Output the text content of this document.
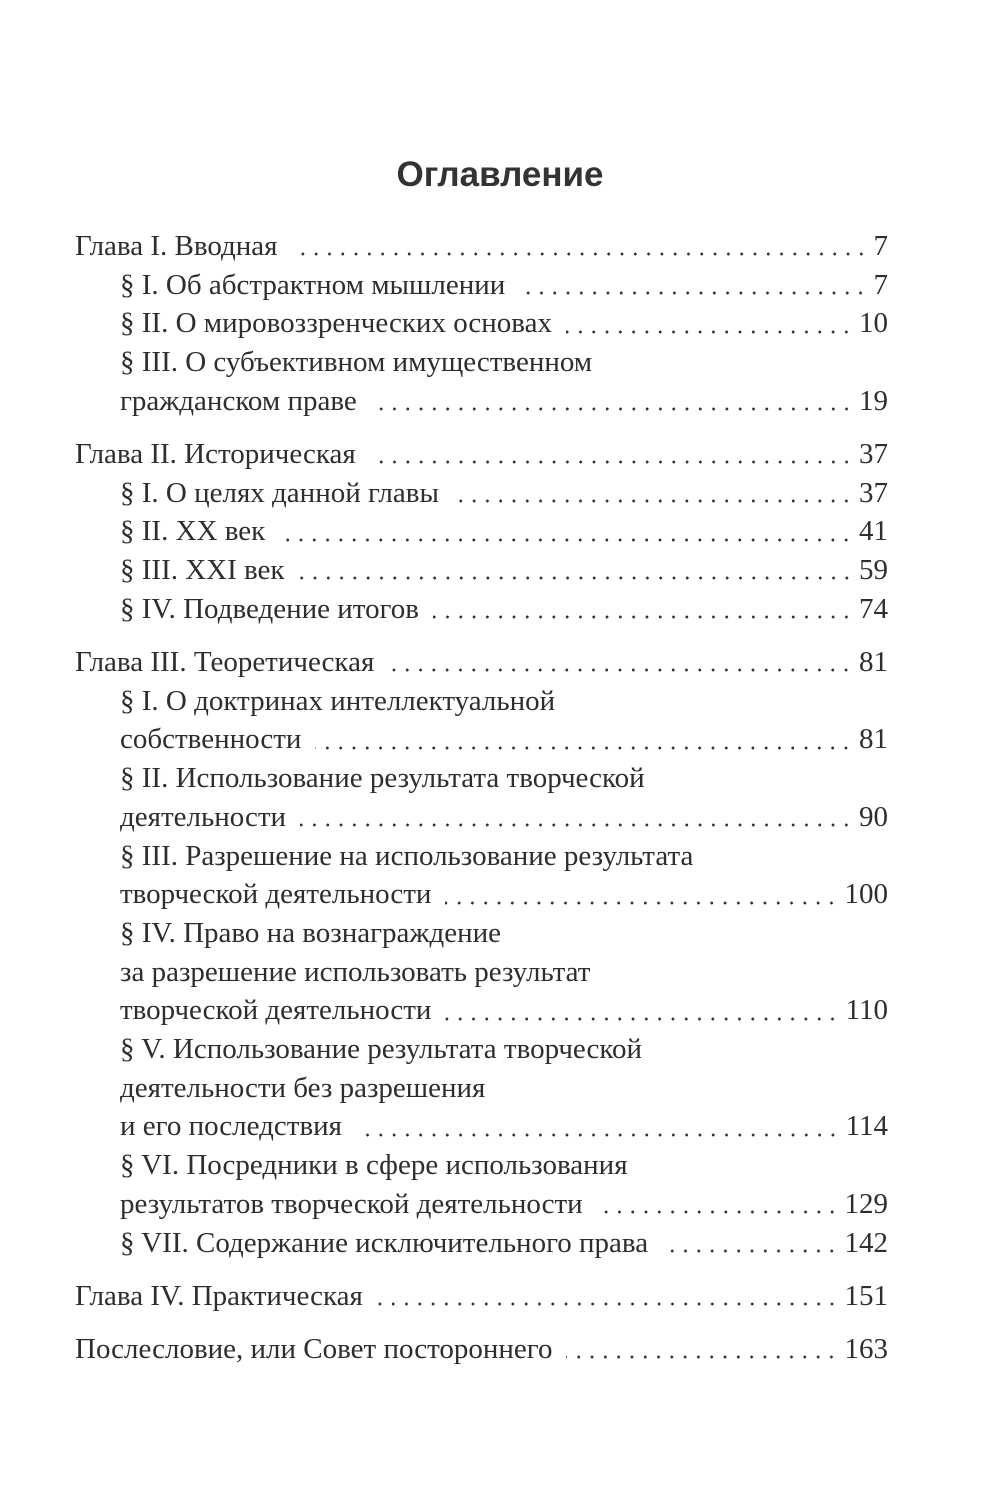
Оглавление
Глава I. Вводная	7
§ I. Об абстрактном мышлении	7
§ II. О мировоззренческих основах	10
§ III. О субъективном имущественном
гражданском праве	19
Глава II. Историческая	37
§ I. О целях данной главы	37
§ II. XX век	41
§ III. XXI век	59
§ IV. Подведение итогов	74
Глава III. Теоретическая	81
§ I. О доктринах интеллектуальной
собственности	81
§ II. Использование результата творческой
деятельности	90
§ III. Разрешение на использование результата
творческой деятельности	100
§ IV. Право на вознаграждение
за разрешение использовать результат
творческой деятельности	110
§ V. Использование результата творческой
деятельности без разрешения
и его последствия	114
§ VI. Посредники в сфере использования
результатов творческой деятельности	129
§ VII. Содержание исключительного права	142
Глава IV. Практическая	151
Послесловие, или Совет постороннего	163
